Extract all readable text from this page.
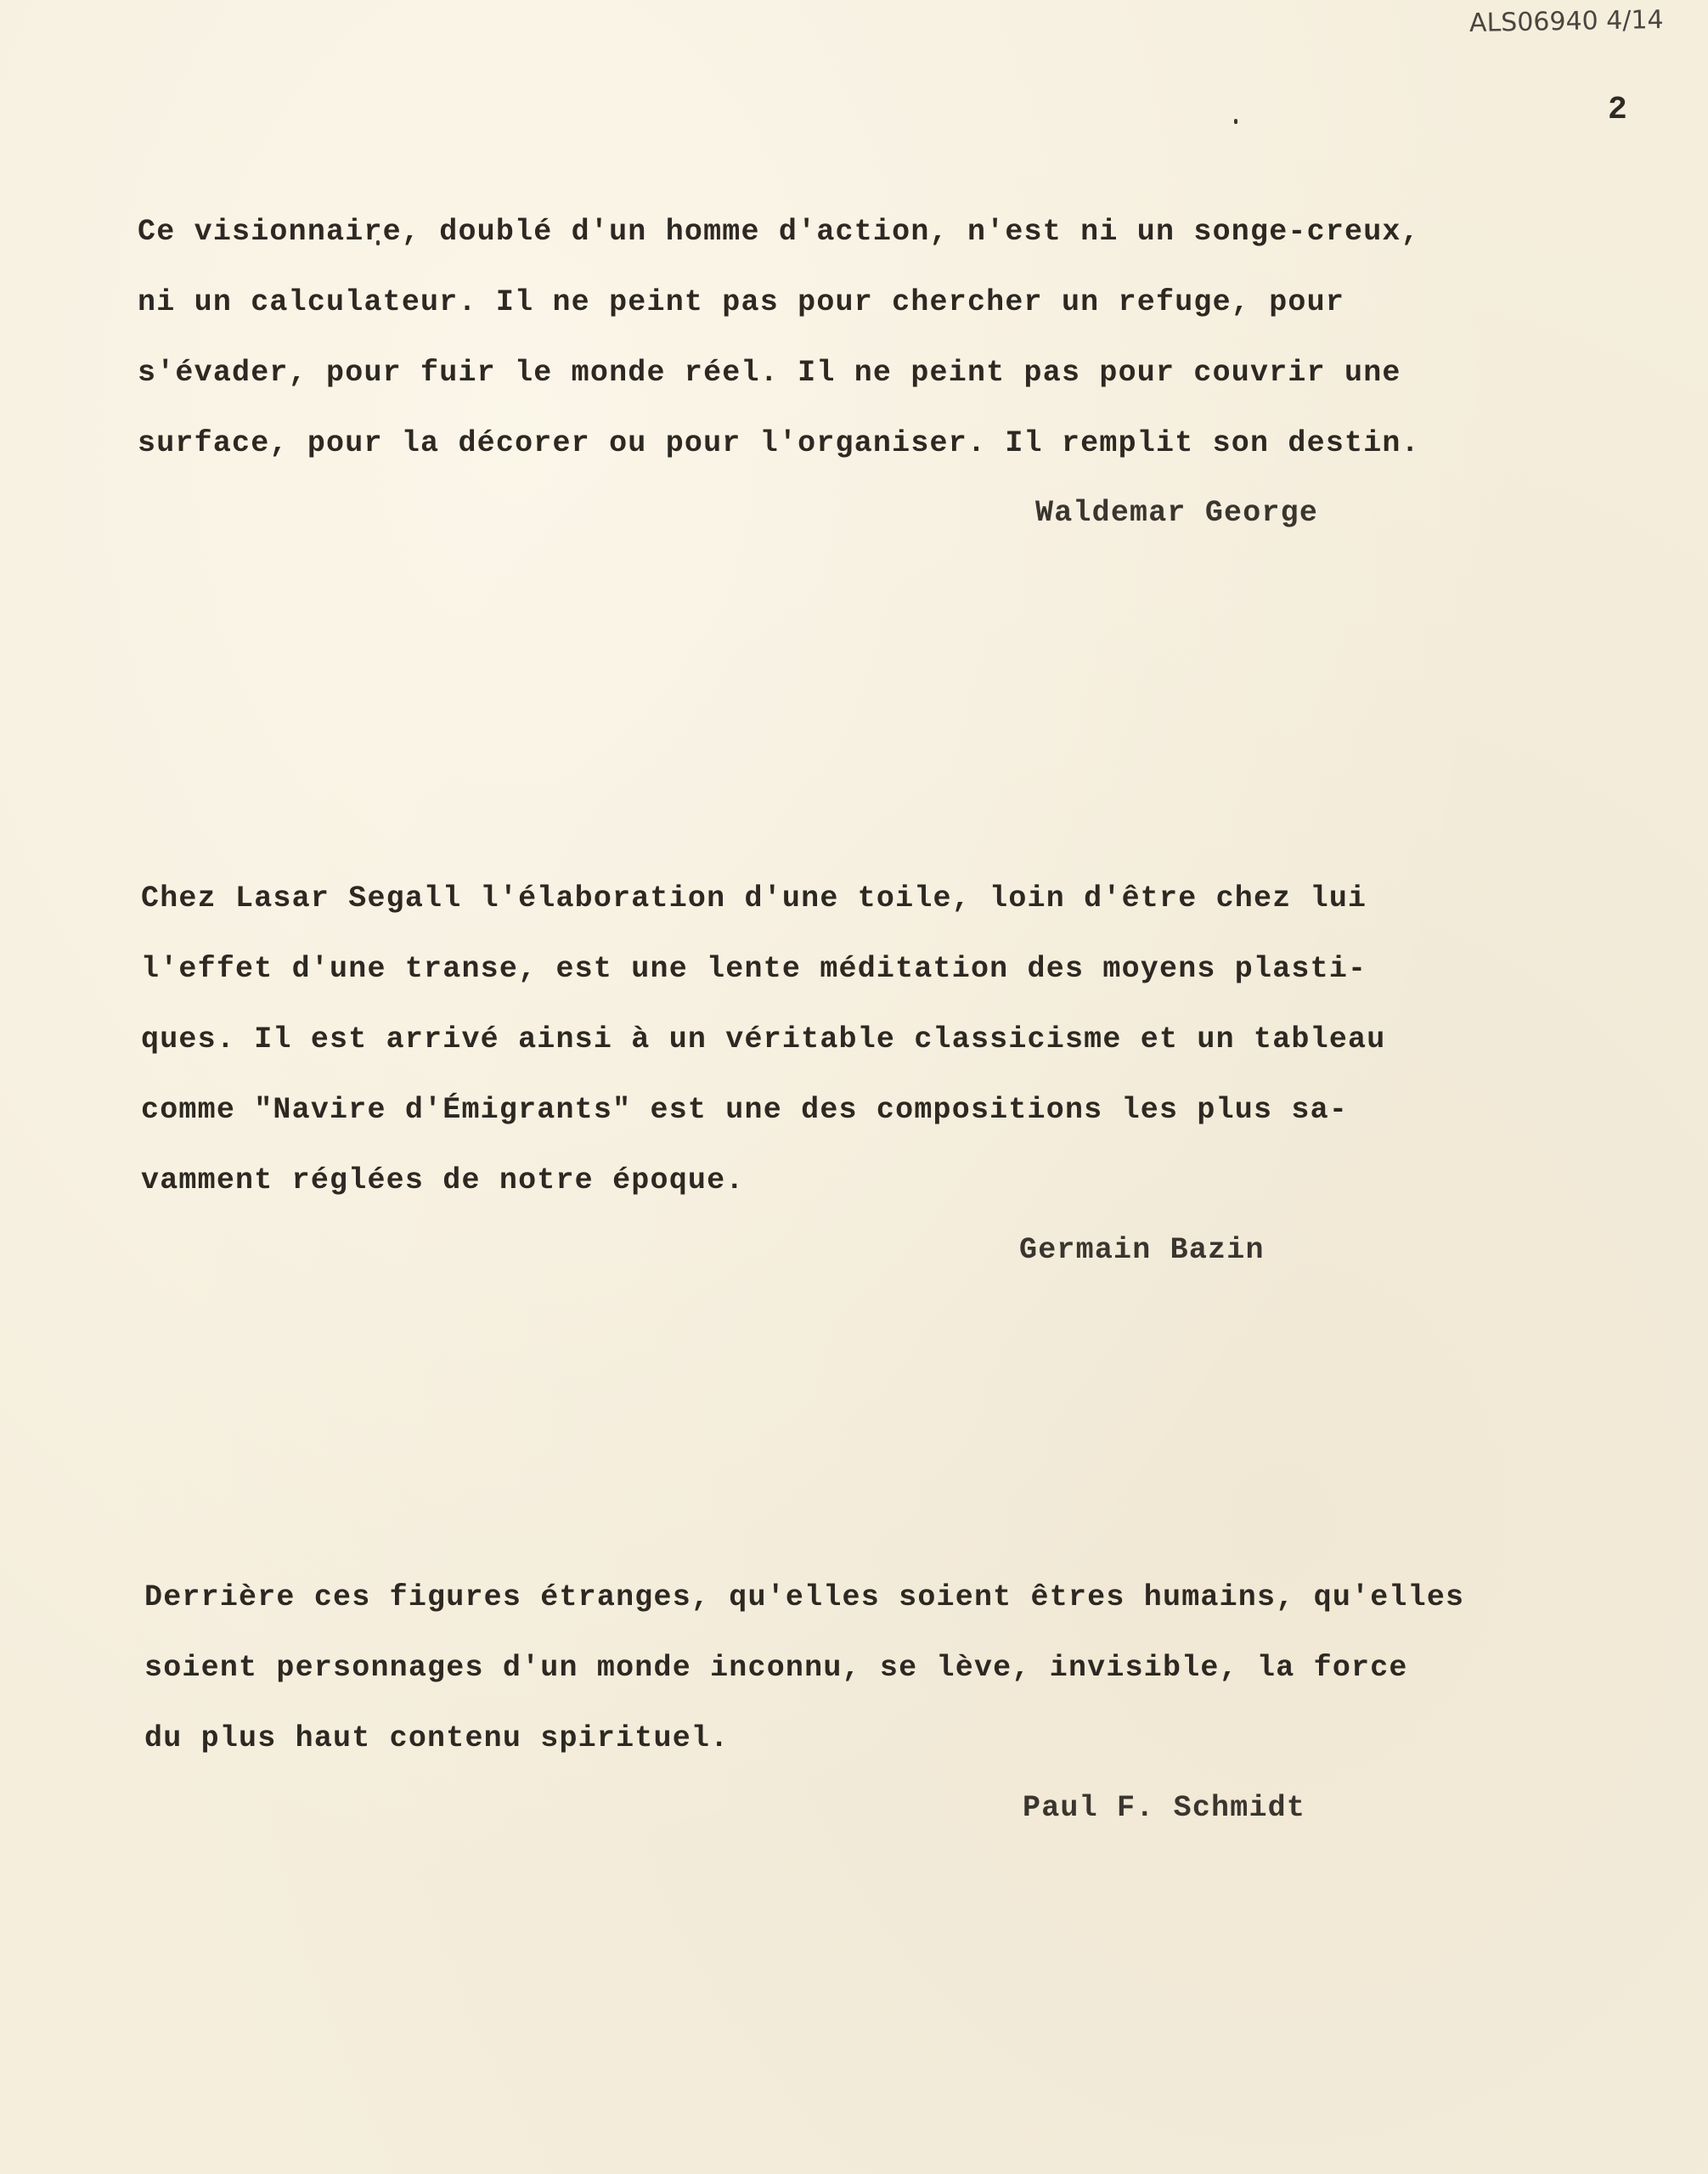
ALS06940 4/14
2
Ce visionnaire, doublé d'un homme d'action, n'est ni un songe-creux,
ni un calculateur. Il ne peint pas pour chercher un refuge, pour
s'évader, pour fuir le monde réel. Il ne peint pas pour couvrir une
surface, pour la décorer ou pour l'organiser. Il remplit son destin.
Waldemar George
Chez Lasar Segall l'élaboration d'une toile, loin d'être chez lui
l'effet d'une transe, est une lente méditation des moyens plasti-
ques. Il est arrivé ainsi à un véritable classicisme et un tableau
comme "Navire d'Émigrants" est une des compositions les plus sa-
vamment réglées de notre époque.
Germain Bazin
Derrière ces figures étranges, qu'elles soient êtres humains, qu'elles
soient personnages d'un monde inconnu, se lève, invisible, la force
du plus haut contenu spirituel.
Paul F. Schmidt
